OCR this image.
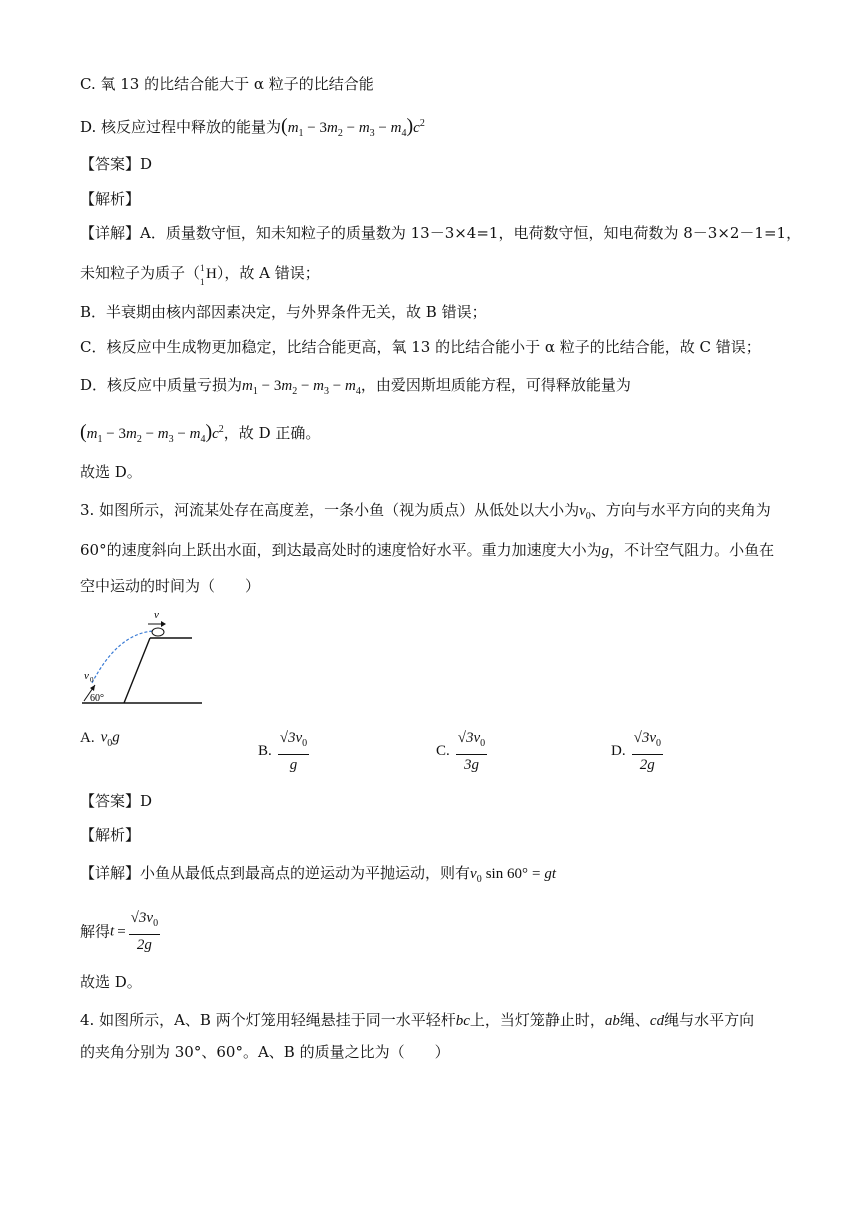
C. 氧 13 的比结合能大于 α 粒子的比结合能
D. 核反应过程中释放的能量为$(m_1 - 3m_2 - m_3 - m_4)c^2$
【答案】D
【解析】
【详解】A．质量数守恒，知未知粒子的质量数为 13－3×4=1，电荷数守恒，知电荷数为 8－3×2－1=1，
未知粒子为质子（ 1
1 H），故 A 错误；
B．半衰期由核内部因素决定，与外界条件无关，故 B 错误；
C．核反应中生成物更加稳定，比结合能更高，氧 13 的比结合能小于 α 粒子的比结合能，故 C 错误；
D．核反应中质量亏损为$m_1 - 3m_2 - m_3 - m_4$，由爱因斯坦质能方程，可得释放能量为
$(m_1 - 3m_2 - m_3 - m_4)c^2$，故 D 正确。
故选 D。
3. 如图所示，河流某处存在高度差，一条小鱼（视为质点）从低处以大小为$v_0$、方向与水平方向的夹角为
60°的速度斜向上跃出水面，到达最高处时的速度恰好水平。重力加速度大小为g，不计空气阻力。小鱼在
空中运动的时间为（　　）
v
v 0
60°
A. $v_0g$
B. $\frac{√3v_0}{g}$	C. $\frac{√3v_0}{3g}$	D. $\frac{√3v_0}{2g}$
【答案】D
【解析】
【详解】小鱼从最低点到最高点的逆运动为平抛运动，则有$v_0$ sin 60° = gt
解得$t = \frac{√3v_0}{2g}$
故选 D。
4. 如图所示，A、B 两个灯笼用轻绳悬挂于同一水平轻杆bc上，当灯笼静止时，ab绳、cd绳与水平方向
的夹角分别为 30°、60°。A、B 的质量之比为（　　）
